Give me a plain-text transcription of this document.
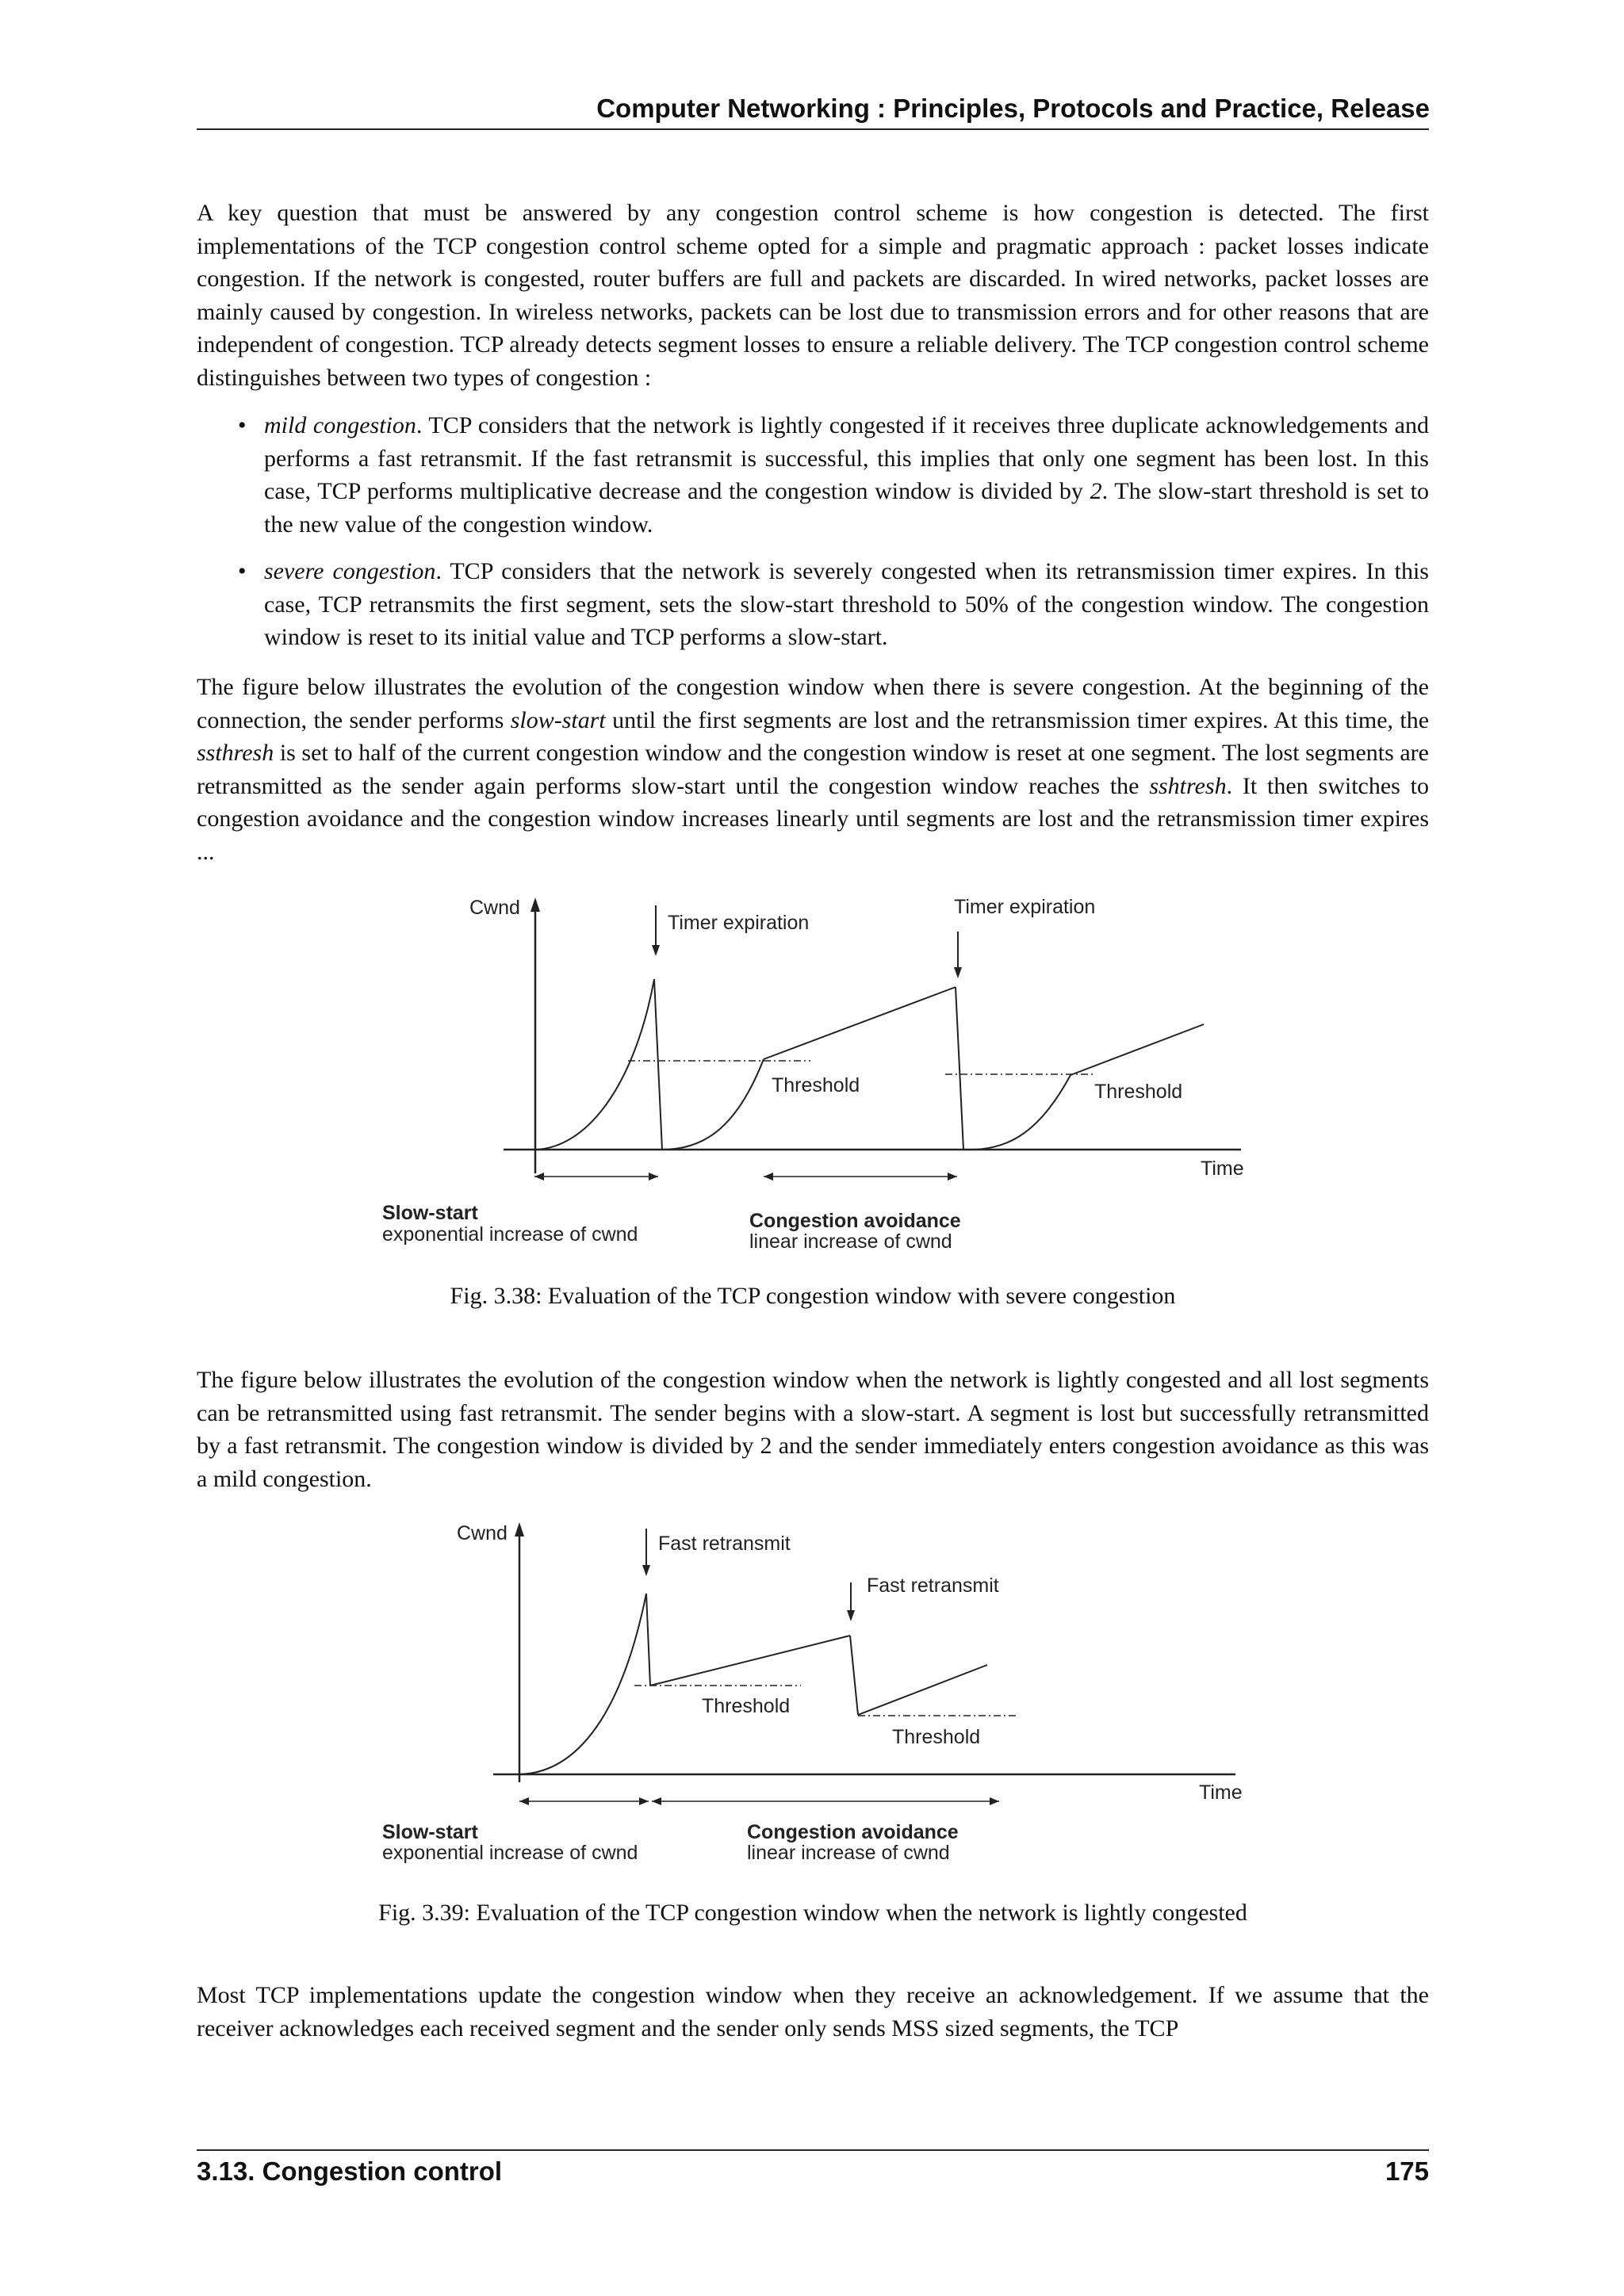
Computer Networking : Principles, Protocols and Practice, Release

A key question that must be answered by any congestion control scheme is how congestion is detected. The first implementations of the TCP congestion control scheme opted for a simple and pragmatic approach : packet losses indicate congestion. If the network is congested, router buffers are full and packets are discarded. In wired networks, packet losses are mainly caused by congestion. In wireless networks, packets can be lost due to transmission errors and for other reasons that are independent of congestion. TCP already detects segment losses to ensure a reliable delivery. The TCP congestion control scheme distinguishes between two types of congestion :

• mild congestion. TCP considers that the network is lightly congested if it receives three duplicate acknowledgements and performs a fast retransmit. If the fast retransmit is successful, this implies that only one segment has been lost. In this case, TCP performs multiplicative decrease and the congestion window is divided by 2. The slow-start threshold is set to the new value of the congestion window.
• severe congestion. TCP considers that the network is severely congested when its retransmission timer expires. In this case, TCP retransmits the first segment, sets the slow-start threshold to 50% of the congestion window. The congestion window is reset to its initial value and TCP performs a slow-start.

The figure below illustrates the evolution of the congestion window when there is severe congestion. At the beginning of the connection, the sender performs slow-start until the first segments are lost and the retransmission timer expires. At this time, the ssthresh is set to half of the current congestion window and the congestion window is reset at one segment. The lost segments are retransmitted as the sender again performs slow-start until the congestion window reaches the sshtresh. It then switches to congestion avoidance and the congestion window increases linearly until segments are lost and the retransmission timer expires ...

Cwnd
Time
Threshold	Threshold
Timer expiration
Timer expiration
Slow-start
exponential increase of cwnd
Congestion avoidance
linear increase of cwnd
Fig. 3.38: Evaluation of the TCP congestion window with severe congestion

The figure below illustrates the evolution of the congestion window when the network is lightly congested and all lost segments can be retransmitted using fast retransmit. The sender begins with a slow-start. A segment is lost but successfully retransmitted by a fast retransmit. The congestion window is divided by 2 and the sender immediately enters congestion avoidance as this was a mild congestion.

Cwnd
Time
Threshold
Threshold
Fast retransmit
Fast retransmit
Slow-start
exponential increase of cwnd
Congestion avoidance
linear increase of cwnd
Fig. 3.39: Evaluation of the TCP congestion window when the network is lightly congested

Most TCP implementations update the congestion window when they receive an acknowledgement. If we assume that the receiver acknowledges each received segment and the sender only sends MSS sized segments, the TCP

3.13. Congestion control	175
